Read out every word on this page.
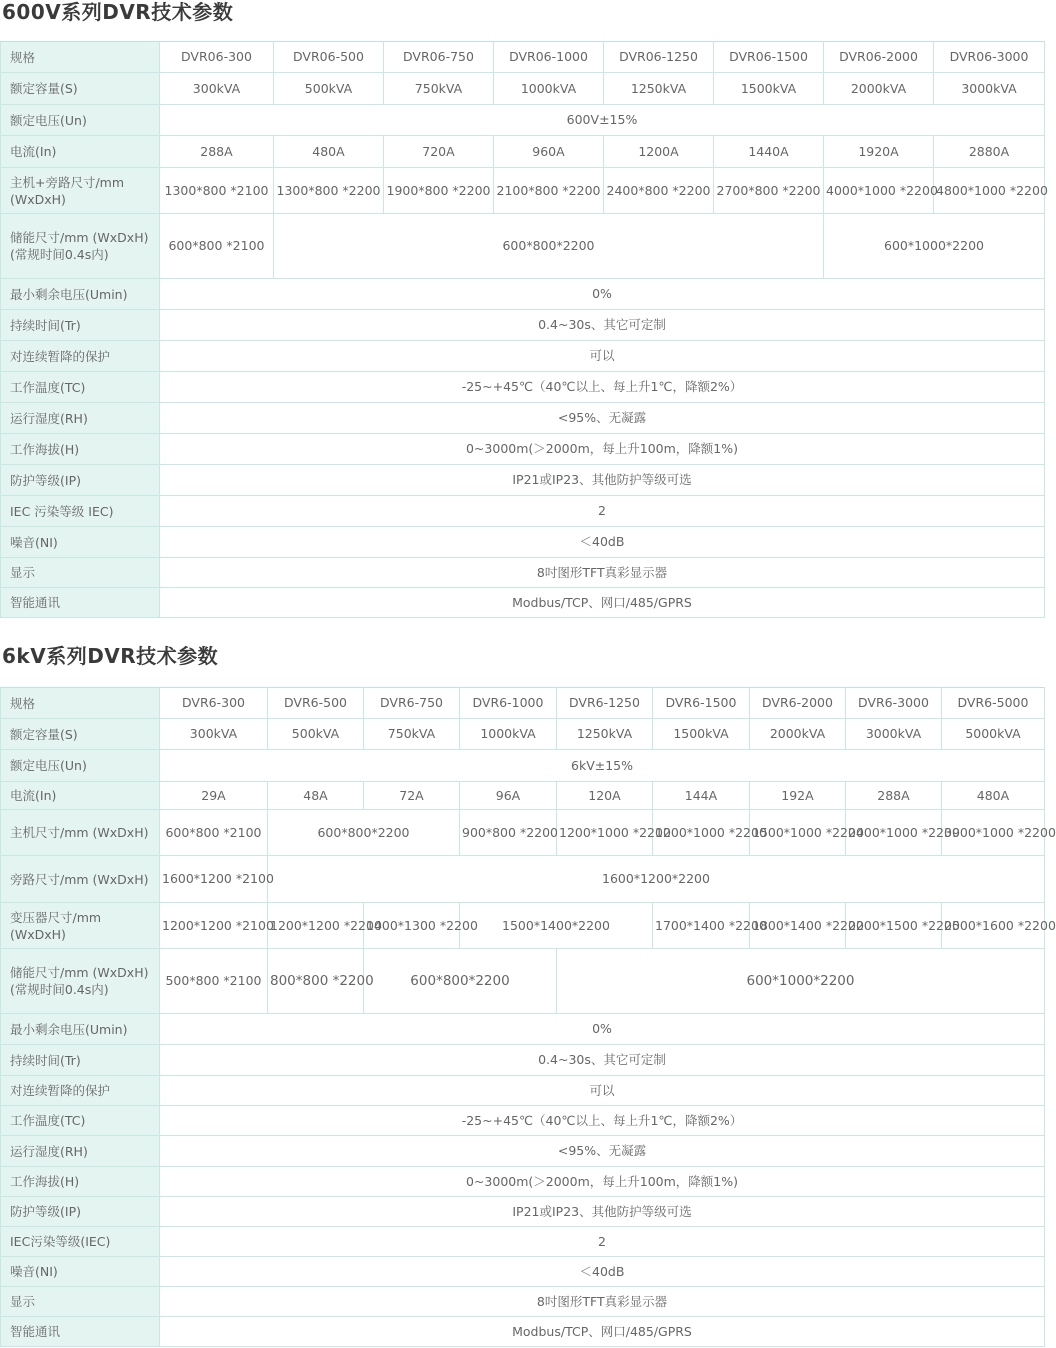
600V系列DVR技术参数
规格	DVR06-300	DVR06-500	DVR06-750	DVR06-1000	DVR06-1250	DVR06-1500	DVR06-2000	DVR06-3000
额定容量(S)	300kVA	500kVA	750kVA	1000kVA	1250kVA	1500kVA	2000kVA	3000kVA
额定电压(Un)	600V±15%							
电流(In)	288A	480A	720A	960A	1200A	1440A	1920A	2880A
主机+旁路尺寸/mm (WxDxH)	1300*800 *2100	1300*800 *2200	1900*800 *2200	2100*800 *2200	2400*800 *2200	2700*800 *2200	4000*1000 *2200	4800*1000 *2200
储能尺寸/mm (WxDxH) (常规时间0.4s内)	600*800 *2100	600*800*2200					600*1000*2200	
最小剩余电压(Umin)	0%							
持续时间(Tr)	0.4~30s、其它可定制							
对连续暂降的保护	可以							
工作温度(TC)	-25~+45℃（40℃以上、每上升1℃，降额2%）							
运行湿度(RH)	<95%、无凝露							
工作海拔(H)	0~3000m(＞2000m，每上升100m，降额1%)							
防护等级(IP)	IP21或IP23、其他防护等级可选							
IEC 污染等级 IEC)	2							
噪音(NI)	＜40dB							
显示	8吋图形TFT真彩显示器							
智能通讯	Modbus/TCP、网口/485/GPRS							
6kV系列DVR技术参数
规格	DVR6-300	DVR6-500	DVR6-750	DVR6-1000	DVR6-1250	DVR6-1500	DVR6-2000	DVR6-3000	DVR6-5000
额定容量(S)	300kVA	500kVA	750kVA	1000kVA	1250kVA	1500kVA	2000kVA	3000kVA	5000kVA
额定电压(Un)	6kV±15%								
电流(In)	29A	48A	72A	96A	120A	144A	192A	288A	480A
主机尺寸/mm (WxDxH)	600*800 *2100	600*800*2200		900*800 *2200	1200*1000 *2200	1200*1000 *2200	1500*1000 *2200	2400*1000 *2200	3900*1000 *2200
旁路尺寸/mm (WxDxH)	1600*1200 *2100	1600*1200*2200							
变压器尺寸/mm (WxDxH)	1200*1200 *2100	1200*1200 *2200	1400*1300 *2200	1500*1400*2200		1700*1400 *2200	1800*1400 *2200	2200*1500 *2200	2500*1600 *2200
储能尺寸/mm (WxDxH) (常规时间0.4s内)	500*800 *2100	800*800 *2200	600*800*2200		600*1000*2200				
最小剩余电压(Umin)	0%								
持续时间(Tr)	0.4~30s、其它可定制								
对连续暂降的保护	可以								
工作温度(TC)	-25~+45℃（40℃以上、每上升1℃，降额2%）								
运行湿度(RH)	<95%、无凝露								
工作海拔(H)	0~3000m(＞2000m，每上升100m，降额1%)								
防护等级(IP)	IP21或IP23、其他防护等级可选								
IEC污染等级(IEC)	2								
噪音(NI)	＜40dB								
显示	8吋图形TFT真彩显示器								
智能通讯	Modbus/TCP、网口/485/GPRS								
